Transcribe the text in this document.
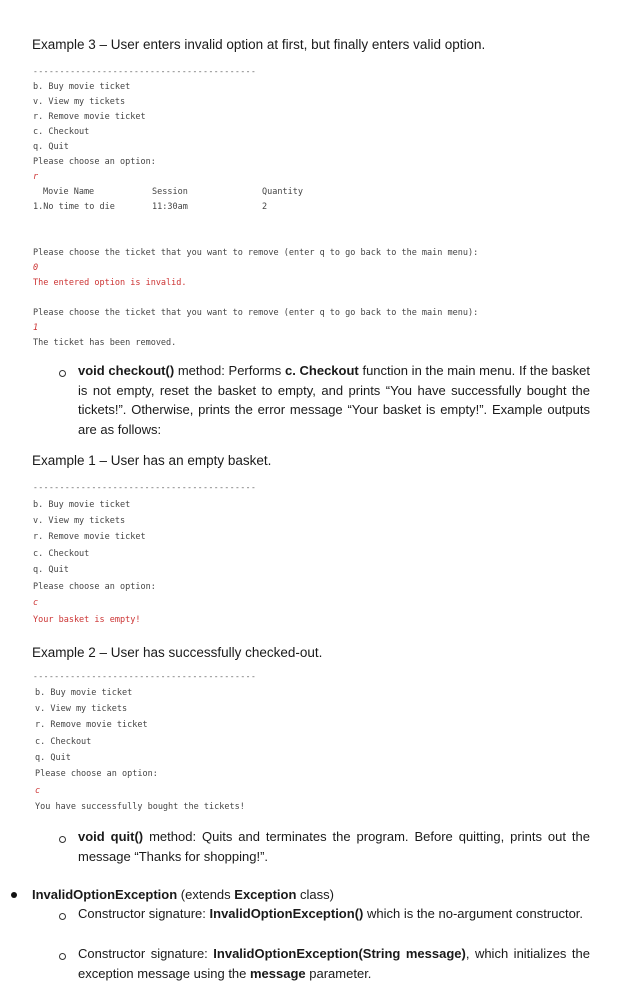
Example 3 – User enters invalid option at first, but finally enters valid option.
------------------------------------------
b. Buy movie ticket
v. View my tickets
r. Remove movie ticket
c. Checkout
q. Quit
Please choose an option:
r
Movie Name	Session	Quantity
1.No time to die	11:30am	2
Please choose the ticket that you want to remove (enter q to go back to the main menu):
0
The entered option is invalid.
Please choose the ticket that you want to remove (enter q to go back to the main menu):
1
The ticket has been removed.
void checkout() method: Performs c. Checkout function in the main menu. If the basket is not empty, reset the basket to empty, and prints “You have successfully bought the tickets!”. Otherwise, prints the error message “Your basket is empty!”. Example outputs are as follows:
Example 1 – User has an empty basket.
------------------------------------------
b. Buy movie ticket
v. View my tickets
r. Remove movie ticket
c. Checkout
q. Quit
Please choose an option:
c
Your basket is empty!
Example 2 – User has successfully checked-out.
------------------------------------------
b. Buy movie ticket
v. View my tickets
r. Remove movie ticket
c. Checkout
q. Quit
Please choose an option:
c
You have successfully bought the tickets!
void quit() method: Quits and terminates the program. Before quitting, prints out the message “Thanks for shopping!”.
InvalidOptionException (extends Exception class)
Constructor signature: InvalidOptionException() which is the no-argument constructor.
Constructor signature: InvalidOptionException(String message), which initializes the exception message using the message parameter.
